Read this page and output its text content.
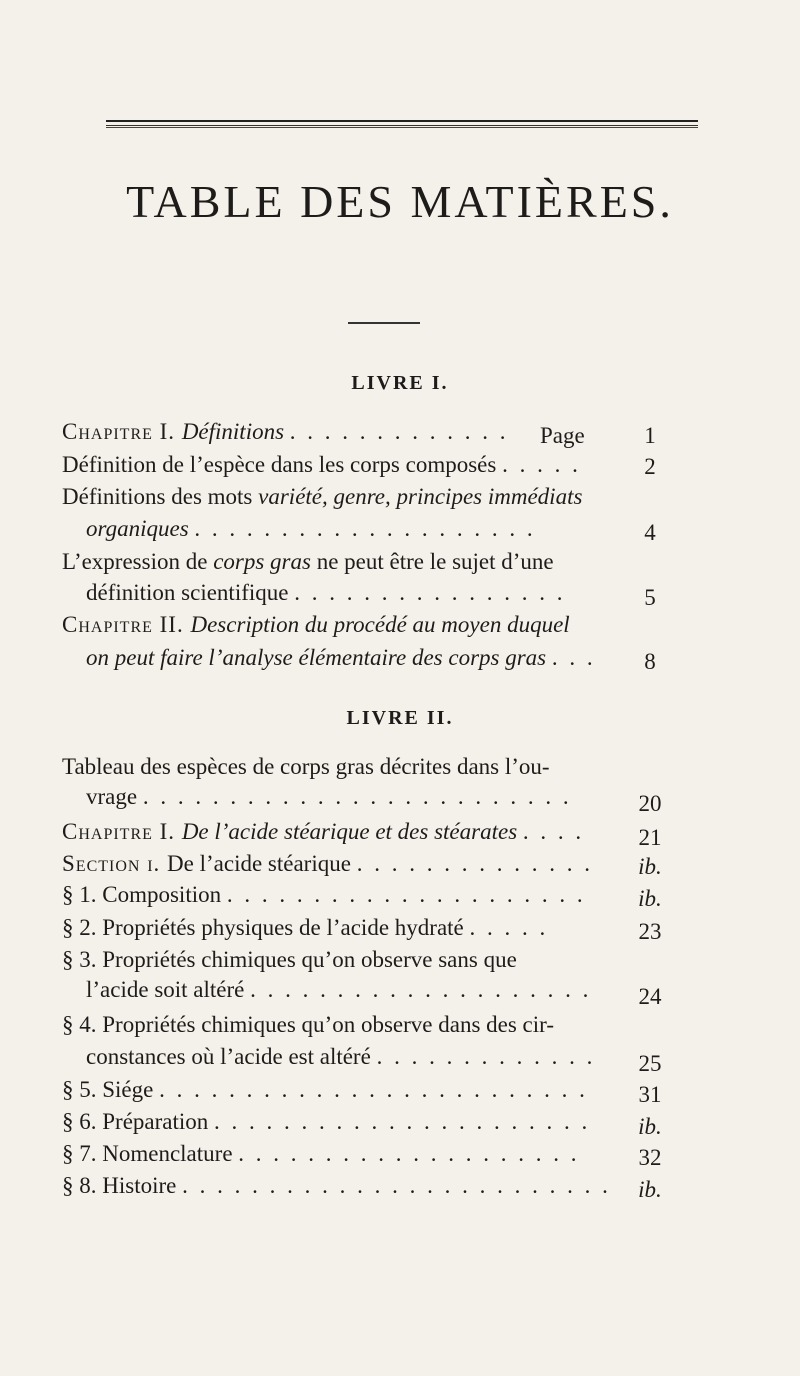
TABLE DES MATIÈRES.
LIVRE I.
Chapitre I. Définitions . . . . . . . . . . . . .	Page	1
Définition de l’espèce dans les corps composés . . . . .	2
Définitions des mots variété, genre, principes immédiats
organiques . . . . . . . . . . . . . . . . . . . .	4
L’expression de corps gras ne peut être le sujet d’une
définition scientifique . . . . . . . . . . . . . . . .	5
Chapitre II. Description du procédé au moyen duquel
on peut faire l’analyse élémentaire des corps gras . . .	8
LIVRE II.
Tableau des espèces de corps gras décrites dans l’ou-
vrage . . . . . . . . . . . . . . . . . . . . . . . . .	20
Chapitre I. De l’acide stéarique et des stéarates . . . .	21
Section i. De l’acide stéarique . . . . . . . . . . . . . .	ib.
§ 1. Composition . . . . . . . . . . . . . . . . . . . . .	ib.
§ 2. Propriétés physiques de l’acide hydraté . . . . .	23
§ 3. Propriétés chimiques qu’on observe sans que
l’acide soit altéré . . . . . . . . . . . . . . . . . . . .	24
§ 4. Propriétés chimiques qu’on observe dans des cir-
constances où l’acide est altéré . . . . . . . . . . . . .	25
§ 5. Siége . . . . . . . . . . . . . . . . . . . . . . . . .	31
§ 6. Préparation . . . . . . . . . . . . . . . . . . . . . .	ib.
§ 7. Nomenclature . . . . . . . . . . . . . . . . . . . .	32
§ 8. Histoire . . . . . . . . . . . . . . . . . . . . . . . . .	ib.
